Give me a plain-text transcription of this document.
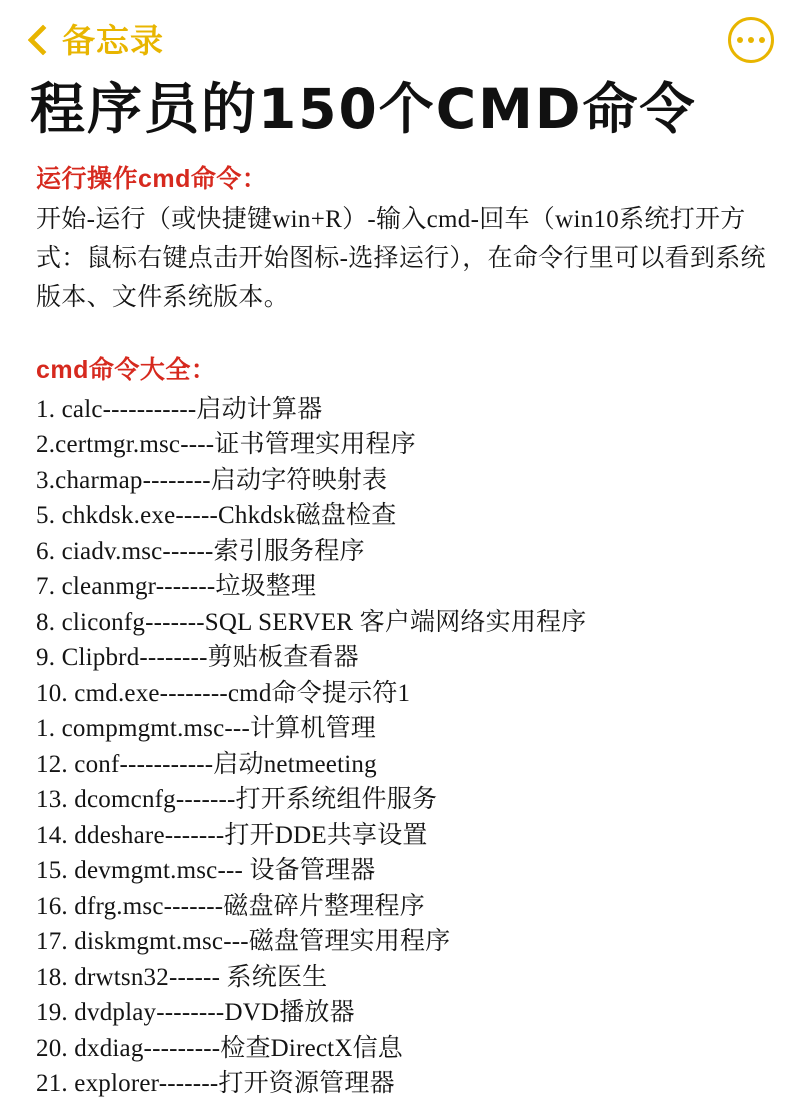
备忘录
程序员的150个CMD命令
运行操作cmd命令：

开始-运行（或快捷键win+R）-输入cmd-回车（win10系统打开方式：鼠标右键点击开始图标-选择运行），在命令行里可以看到系统版本、文件系统版本。

cmd命令大全：
1. calc-----------启动计算器
2.certmgr.msc----证书管理实用程序
3.charmap--------启动字符映射表
5. chkdsk.exe-----Chkdsk磁盘检查
6. ciadv.msc------索引服务程序
7. cleanmgr-------垃圾整理
8. cliconfg-------SQL SERVER 客户端网络实用程序
9. Clipbrd--------剪贴板查看器
10. cmd.exe--------cmd命令提示符1
1. compmgmt.msc---计算机管理
12. conf-----------启动netmeeting
13. dcomcnfg-------打开系统组件服务
14. ddeshare-------打开DDE共享设置
15. devmgmt.msc--- 设备管理器
16. dfrg.msc-------磁盘碎片整理程序
17. diskmgmt.msc---磁盘管理实用程序
18. drwtsn32------ 系统医生
19. dvdplay--------DVD播放器
20. dxdiag---------检查DirectX信息
21. explorer-------打开资源管理器
